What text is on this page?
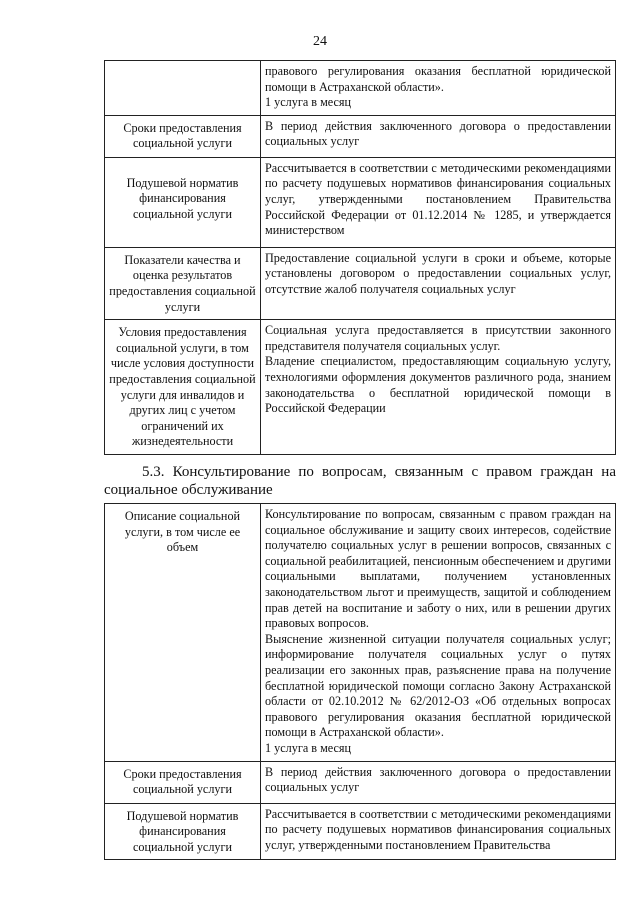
24

	правового регулирования оказания бесплатной юридической помощи в Астраханской области».
1 услуга в месяц

Сроки предоставления социальной услуги	В период действия заключенного договора о предоставлении социальных услуг

Подушевой норматив финансирования социальной услуги	Рассчитывается в соответствии с методическими рекомендациями по расчету подушевых нормативов финансирования социальных услуг, утвержденными постановлением Правительства Российской Федерации от 01.12.2014 № 1285, и утверждается министерством

Показатели качества и оценка результатов предоставления социальной услуги	Предоставление социальной услуги в сроки и объеме, которые установлены договором о предоставлении социальных услуг, отсутствие жалоб получателя социальных услуг

Условия предоставления социальной услуги, в том числе условия доступности предоставления социальной услуги для инвалидов и других лиц с учетом ограничений их жизнедеятельности	Социальная услуга предоставляется в присутствии законного представителя получателя социальных услуг.
Владение специалистом, предоставляющим социальную услугу, технологиями оформления документов различного рода, знанием законодательства о бесплатной юридической помощи в Российской Федерации
5.3. Консультирование по вопросам, связанным с правом граждан на социальное обслуживание
Описание социальной услуги, в том числе ее объем	Консультирование по вопросам, связанным с правом граждан на социальное обслуживание и защиту своих интересов, содействие получателю социальных услуг в решении вопросов, связанных с социальной реабилитацией, пенсионным обеспечением и другими социальными выплатами, получением установленных законодательством льгот и преимуществ, защитой и соблюдением прав детей на воспитание и заботу о них, или в решении других правовых вопросов.
Выяснение жизненной ситуации получателя социальных услуг; информирование получателя социальных услуг о путях реализации его законных прав, разъяснение права на получение бесплатной юридической помощи согласно Закону Астраханской области от 02.10.2012 № 62/2012-ОЗ «Об отдельных вопросах правового регулирования оказания бесплатной юридической помощи в Астраханской области».
1 услуга в месяц

Сроки предоставления социальной услуги	В период действия заключенного договора о предоставлении социальных услуг

Подушевой норматив финансирования социальной услуги	Рассчитывается в соответствии с методическими рекомендациями по расчету подушевых нормативов финансирования социальных услуг, утвержденными постановлением Правительства
